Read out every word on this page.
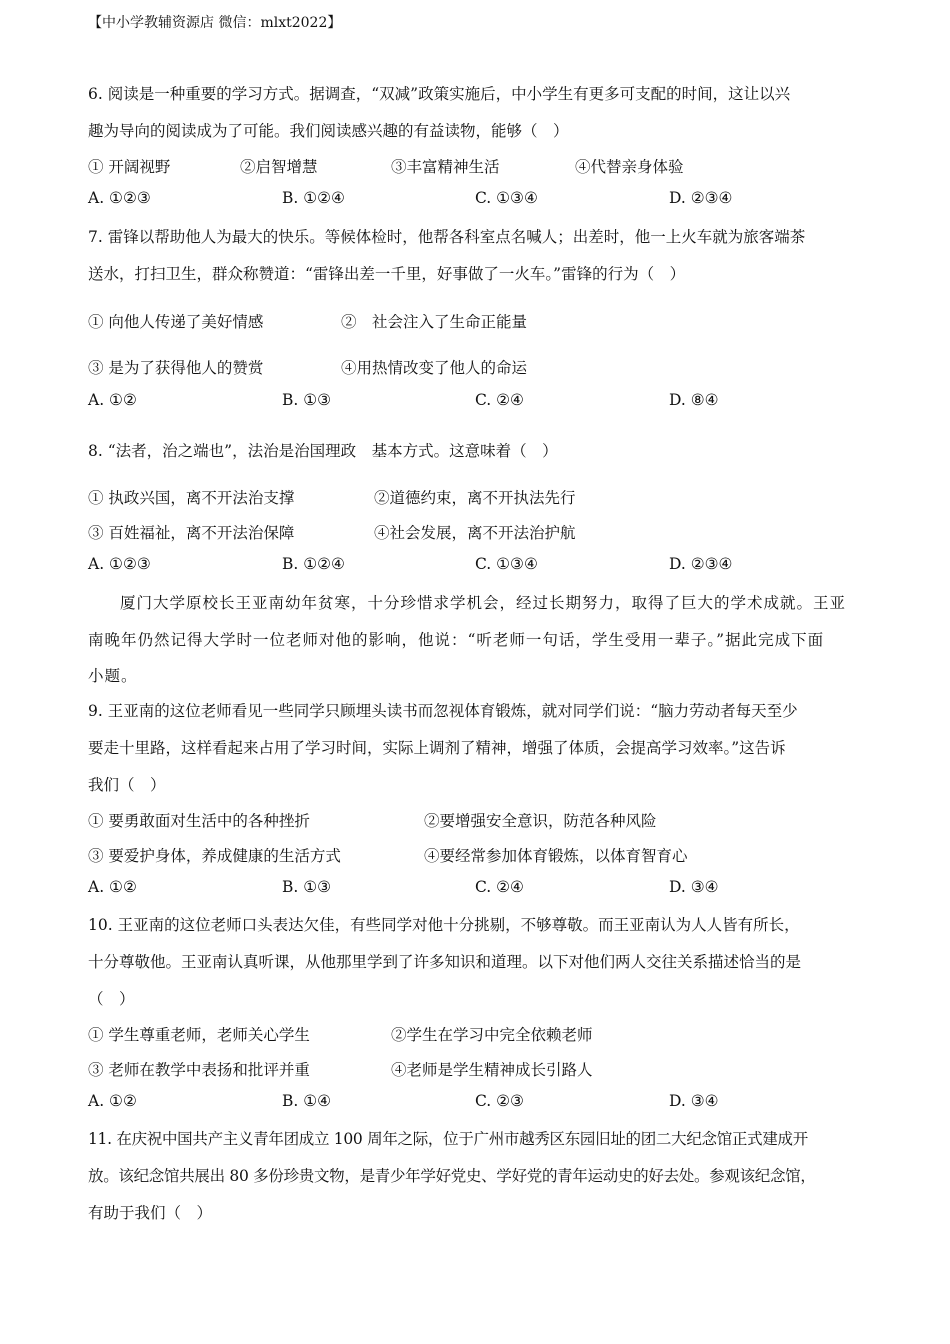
【中小学教辅资源店 微信：mlxt2022】
6. 阅读是一种重要的学习方式。据调查，“双减”政策实施后，中小学生有更多可支配的时间，这让以兴
趣为导向的阅读成为了可能。我们阅读感兴趣的有益读物，能够（　）
① 开阔视野	②启智增慧	③丰富精神生活	④代替亲身体验
A. ①②③	B. ①②④	C. ①③④	D. ②③④
7. 雷锋以帮助他人为最大的快乐。等候体检时，他帮各科室点名喊人；出差时，他一上火车就为旅客端茶
送水，打扫卫生，群众称赞道：“雷锋出差一千里，好事做了一火车。”雷锋的行为（　）
① 向他人传递了美好情感	②　社会注入了生命正能量
③ 是为了获得他人的赞赏	④用热情改变了他人的命运
A. ①②	B. ①③	C. ②④	D. ⑧④
8. “法者，治之端也”，法治是治国理政　基本方式。这意味着（　）
① 执政兴国，离不开法治支撑	②道德约束，离不开执法先行
③ 百姓福祉，离不开法治保障	④社会发展，离不开法治护航
A. ①②③	B. ①②④	C. ①③④	D. ②③④
厦门大学原校长王亚南幼年贫寒，十分珍惜求学机会，经过长期努力，取得了巨大的学术成就。王亚
南晚年仍然记得大学时一位老师对他的影响，他说：“听老师一句话，学生受用一辈子。”据此完成下面
小题。
9. 王亚南的这位老师看见一些同学只顾埋头读书而忽视体育锻炼，就对同学们说：“脑力劳动者每天至少
要走十里路，这样看起来占用了学习时间，实际上调剂了精神，增强了体质，会提高学习效率。”这告诉
我们（　）
① 要勇敢面对生活中的各种挫折	②要增强安全意识，防范各种风险
③ 要爱护身体，养成健康的生活方式	④要经常参加体育锻炼，以体育智育心
A. ①②	B. ①③	C. ②④	D. ③④
10. 王亚南的这位老师口头表达欠佳，有些同学对他十分挑剔，不够尊敬。而王亚南认为人人皆有所长，
十分尊敬他。王亚南认真听课，从他那里学到了许多知识和道理。以下对他们两人交往关系描述恰当的是
（　）
① 学生尊重老师，老师关心学生	②学生在学习中完全依赖老师
③ 老师在教学中表扬和批评并重	④老师是学生精神成长引路人
A. ①②	B. ①④	C. ②③	D. ③④
11. 在庆祝中国共产主义青年团成立 100 周年之际，位于广州市越秀区东园旧址的团二大纪念馆正式建成开
放。该纪念馆共展出 80 多份珍贵文物，是青少年学好党史、学好党的青年运动史的好去处。参观该纪念馆，
有助于我们（　）
